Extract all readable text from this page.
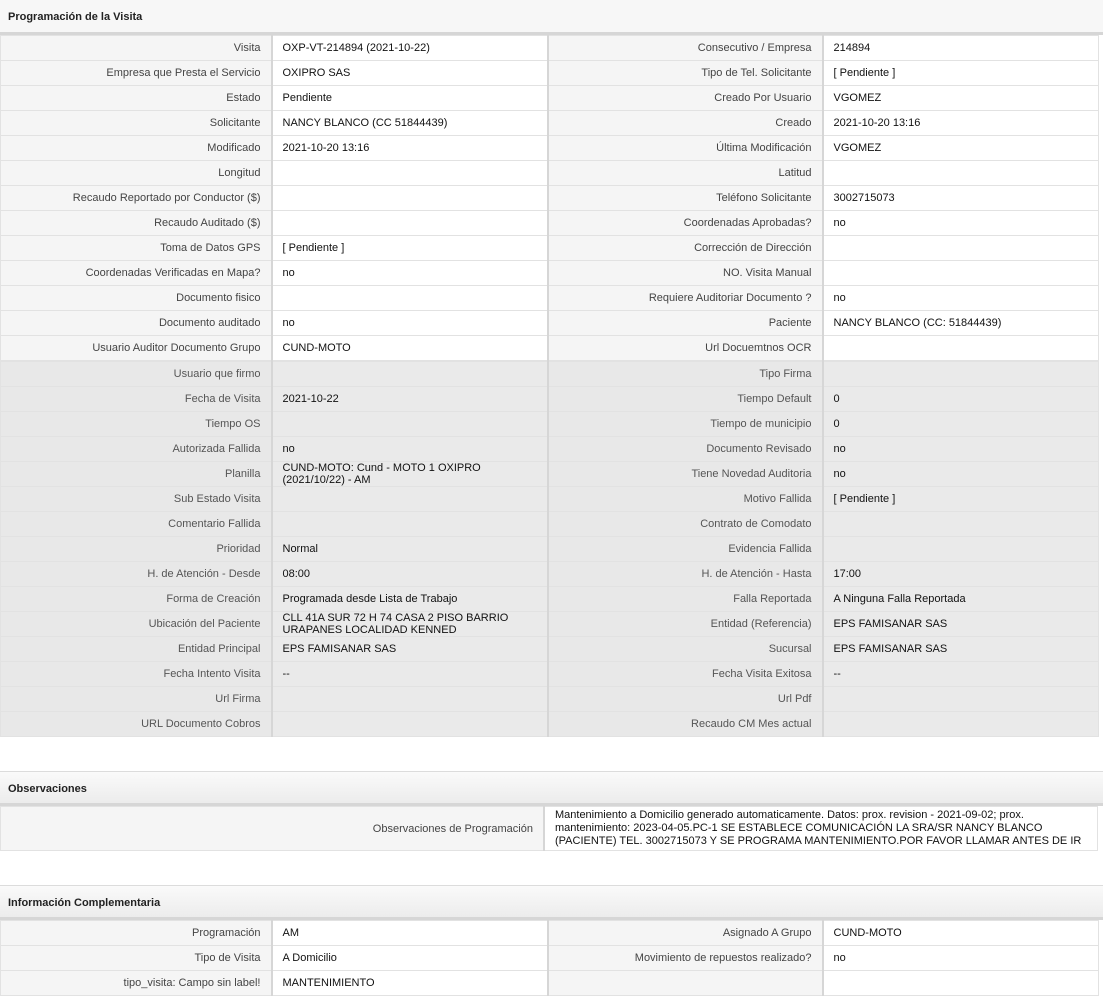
Programación de la Visita
Visita	OXP-VT-214894 (2021-10-22)	Consecutivo / Empresa	214894
Empresa que Presta el Servicio	OXIPRO SAS	Tipo de Tel. Solicitante	[ Pendiente ]
Estado	Pendiente	Creado Por Usuario	VGOMEZ
Solicitante	NANCY BLANCO (CC 51844439)	Creado	2021-10-20 13:16
Modificado	2021-10-20 13:16	Última Modificación	VGOMEZ
Longitud		Latitud	
Recaudo Reportado por Conductor ($)		Teléfono Solicitante	3002715073
Recaudo Auditado ($)		Coordenadas Aprobadas?	no
Toma de Datos GPS	[ Pendiente ]	Corrección de Dirección	
Coordenadas Verificadas en Mapa?	no	NO. Visita Manual	
Documento fisico		Requiere Auditoriar Documento ?	no
Documento auditado	no	Paciente	NANCY BLANCO (CC: 51844439)
Usuario Auditor Documento Grupo	CUND-MOTO	Url Docuemtnos OCR	
Usuario que firmo		Tipo Firma	
Fecha de Visita	2021-10-22	Tiempo Default	0
Tiempo OS		Tiempo de municipio	0
Autorizada Fallida	no	Documento Revisado	no
Planilla	CUND-MOTO: Cund - MOTO 1 OXIPRO (2021/10/22) - AM	Tiene Novedad Auditoria	no
Sub Estado Visita		Motivo Fallida	[ Pendiente ]
Comentario Fallida		Contrato de Comodato	
Prioridad	Normal	Evidencia Fallida	
H. de Atención - Desde	08:00	H. de Atención - Hasta	17:00
Forma de Creación	Programada desde Lista de Trabajo	Falla Reportada	A Ninguna Falla Reportada
Ubicación del Paciente	CLL 41A SUR 72 H 74 CASA 2 PISO BARRIO URAPANES LOCALIDAD KENNED	Entidad (Referencia)	EPS FAMISANAR SAS
Entidad Principal	EPS FAMISANAR SAS	Sucursal	EPS FAMISANAR SAS
Fecha Intento Visita	--	Fecha Visita Exitosa	--
Url Firma		Url Pdf	
URL Documento Cobros		Recaudo CM Mes actual	
Observaciones
Observaciones de Programación	Mantenimiento a Domicilio generado automaticamente. Datos: prox. revision - 2021-09-02; prox. mantenimiento: 2023-04-05.PC-1 SE ESTABLECE COMUNICACIÓN LA SRA/SR NANCY BLANCO (PACIENTE) TEL. 3002715073 Y SE PROGRAMA MANTENIMIENTO.POR FAVOR LLAMAR ANTES DE IR
Información Complementaria
Programación	AM	Asignado A Grupo	CUND-MOTO
Tipo de Visita	A Domicilio	Movimiento de repuestos realizado?	no
tipo_visita: Campo sin label!	MANTENIMIENTO		
